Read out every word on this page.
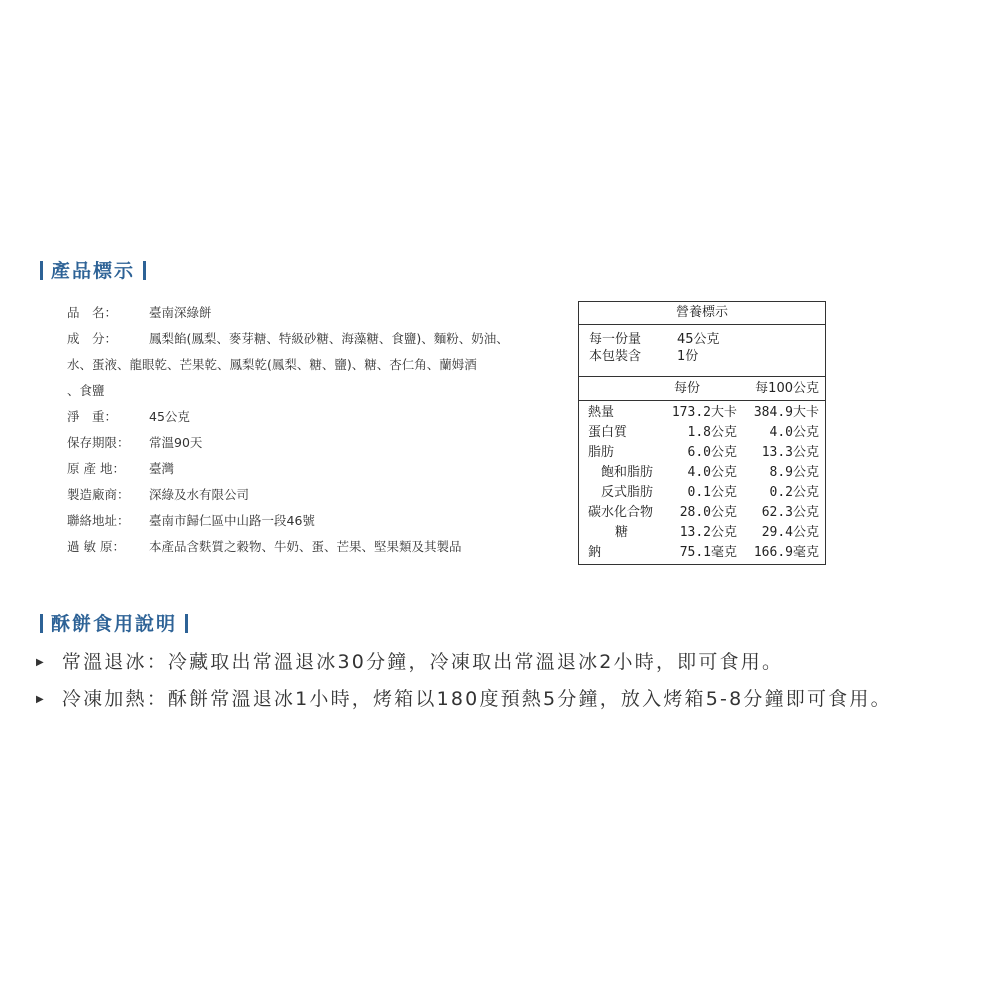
產品標示
品　名：	臺南深綠餅
成　分：	鳳梨餡(鳳梨、麥芽糖、特級砂糖、海藻糖、食鹽)、麵粉、奶油、
水、蛋液、龍眼乾、芒果乾、鳳梨乾(鳳梨、糖、鹽)、糖、杏仁角、蘭姆酒
、食鹽
淨　重：	45公克
保存期限：	常溫90天
原 產 地：	臺灣
製造廠商：	深綠及水有限公司
聯絡地址：	臺南市歸仁區中山路一段46號
過 敏 原：	本產品含麩質之穀物、牛奶、蛋、芒果、堅果類及其製品
營養標示
每一份量	45公克
本包裝含	1份
每份	每100公克
熱量	173.2大卡 384.9大卡
蛋白質	1.8公克	4.0公克
脂肪	6.0公克 13.3公克
飽和脂肪	4.0公克	8.9公克
反式脂肪	0.1公克	0.2公克
碳水化合物 28.0公克 62.3公克
糖	13.2公克 29.4公克
鈉	75.1毫克 166.9毫克
酥餅食用說明
▶ 常溫退冰：冷藏取出常溫退冰30分鐘，冷凍取出常溫退冰2小時，即可食用。
▶ 冷凍加熱：酥餅常溫退冰1小時，烤箱以180度預熱5分鐘，放入烤箱5-8分鐘即可食用。
